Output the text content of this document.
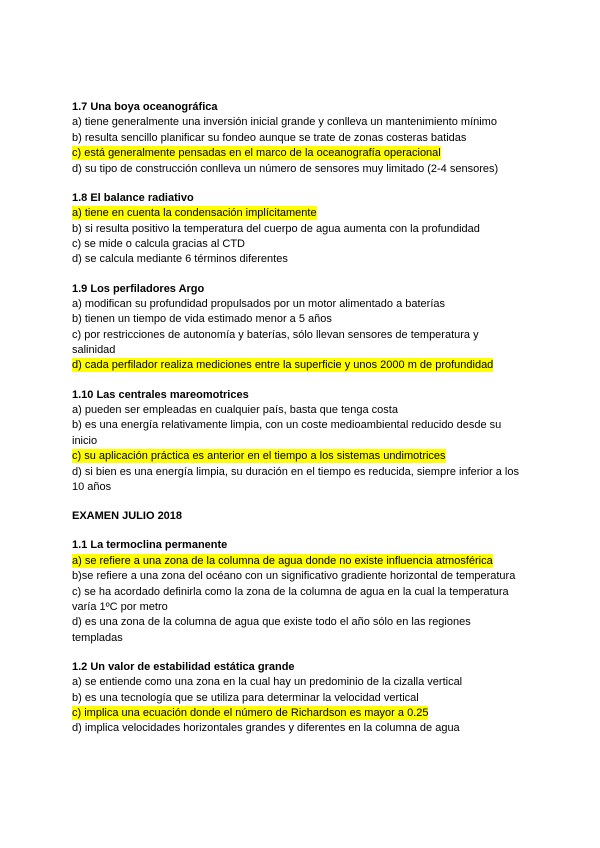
1.7 Una boya oceanográfica
a) tiene generalmente una inversión inicial grande y conlleva un mantenimiento mínimo
b) resulta sencillo planificar su fondeo aunque se trate de zonas costeras batidas
c) está generalmente pensadas en el marco de la oceanografía operacional
d) su tipo de construcción conlleva un número de sensores muy limitado (2-4 sensores)
1.8 El balance radiativo
a) tiene en cuenta la condensación implícitamente
b) si resulta positivo la temperatura del cuerpo de agua aumenta con la profundidad
c) se mide o calcula gracias al CTD
d) se calcula mediante 6 términos diferentes
1.9 Los perfiladores Argo
a) modifican su profundidad propulsados por un motor alimentado a baterías
b) tienen un tiempo de vida estimado menor a 5 años
c) por restricciones de autonomía y baterías, sólo llevan sensores de temperatura y
salinidad
d) cada perfilador realiza mediciones entre la superficie y unos 2000 m de profundidad
1.10 Las centrales mareomotrices
a) pueden ser empleadas en cualquier país, basta que tenga costa
b) es una energía relativamente limpia, con un coste medioambiental reducido desde su
inicio
c) su aplicación práctica es anterior en el tiempo a los sistemas undimotrices
d) si bien es una energía limpia, su duración en el tiempo es reducida, siempre inferior a los
10 años
EXAMEN JULIO 2018
1.1 La termoclina permanente
a) se refiere a una zona de la columna de agua donde no existe influencia atmosférica
b)se refiere a una zona del océano con un significativo gradiente horizontal de temperatura
c) se ha acordado definirla como la zona de la columna de agua en la cual la temperatura
varía 1ºC por metro
d) es una zona de la columna de agua que existe todo el año sólo en las regiones
templadas
1.2 Un valor de estabilidad estática grande
a) se entiende como una zona en la cual hay un predominio de la cizalla vertical
b) es una tecnología que se utiliza para determinar la velocidad vertical
c) implica una ecuación donde el número de Richardson es mayor a 0.25
d) implica velocidades horizontales grandes y diferentes en la columna de agua
